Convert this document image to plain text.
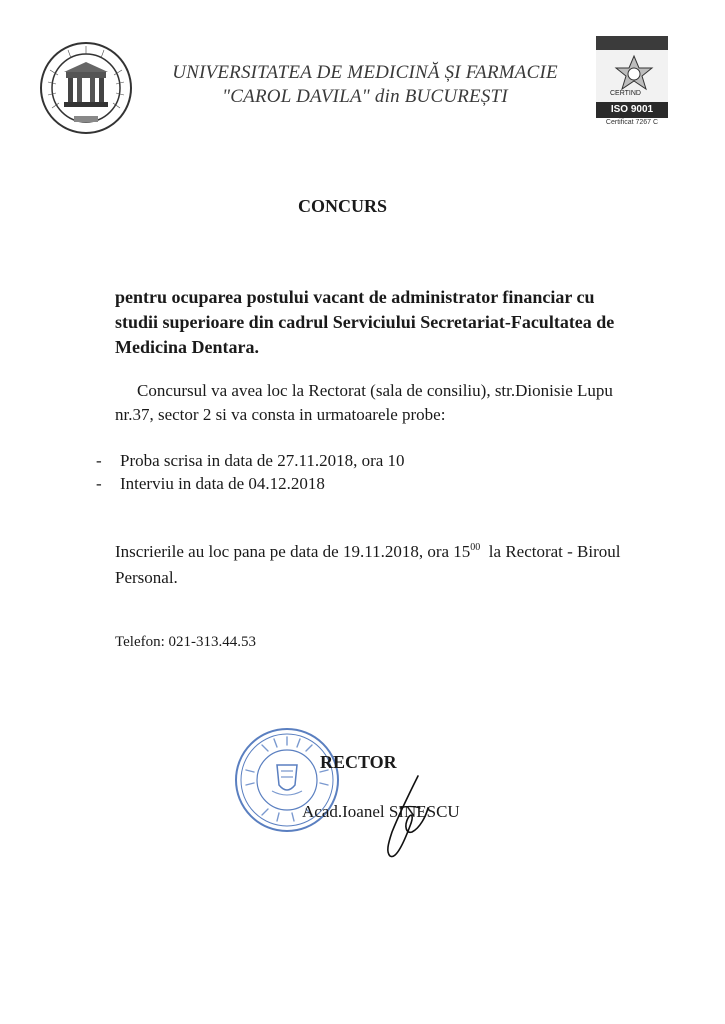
UNIVERSITATEA DE MEDICINĂ ȘI FARMACIE
"CAROL DAVILA" din BUCUREȘTI	CERTIND
ISO 9001
Certificat 7267 C
CONCURS
pentru ocuparea postului vacant de administrator financiar cu studii superioare din cadrul Serviciului Secretariat-Facultatea de Medicina Dentara.
Concursul va avea loc la Rectorat (sala de consiliu), str.Dionisie Lupu nr.37, sector 2 si va consta in urmatoarele probe:
- Proba scrisa in data de 27.11.2018, ora 10
- Interviu in data de 04.12.2018
Inscrierile au loc pana pe data de 19.11.2018, ora $15^{00}$ la Rectorat - Biroul Personal.
Telefon: 021-313.44.53
RECTOR
Acad.Ioanel SINESCU
